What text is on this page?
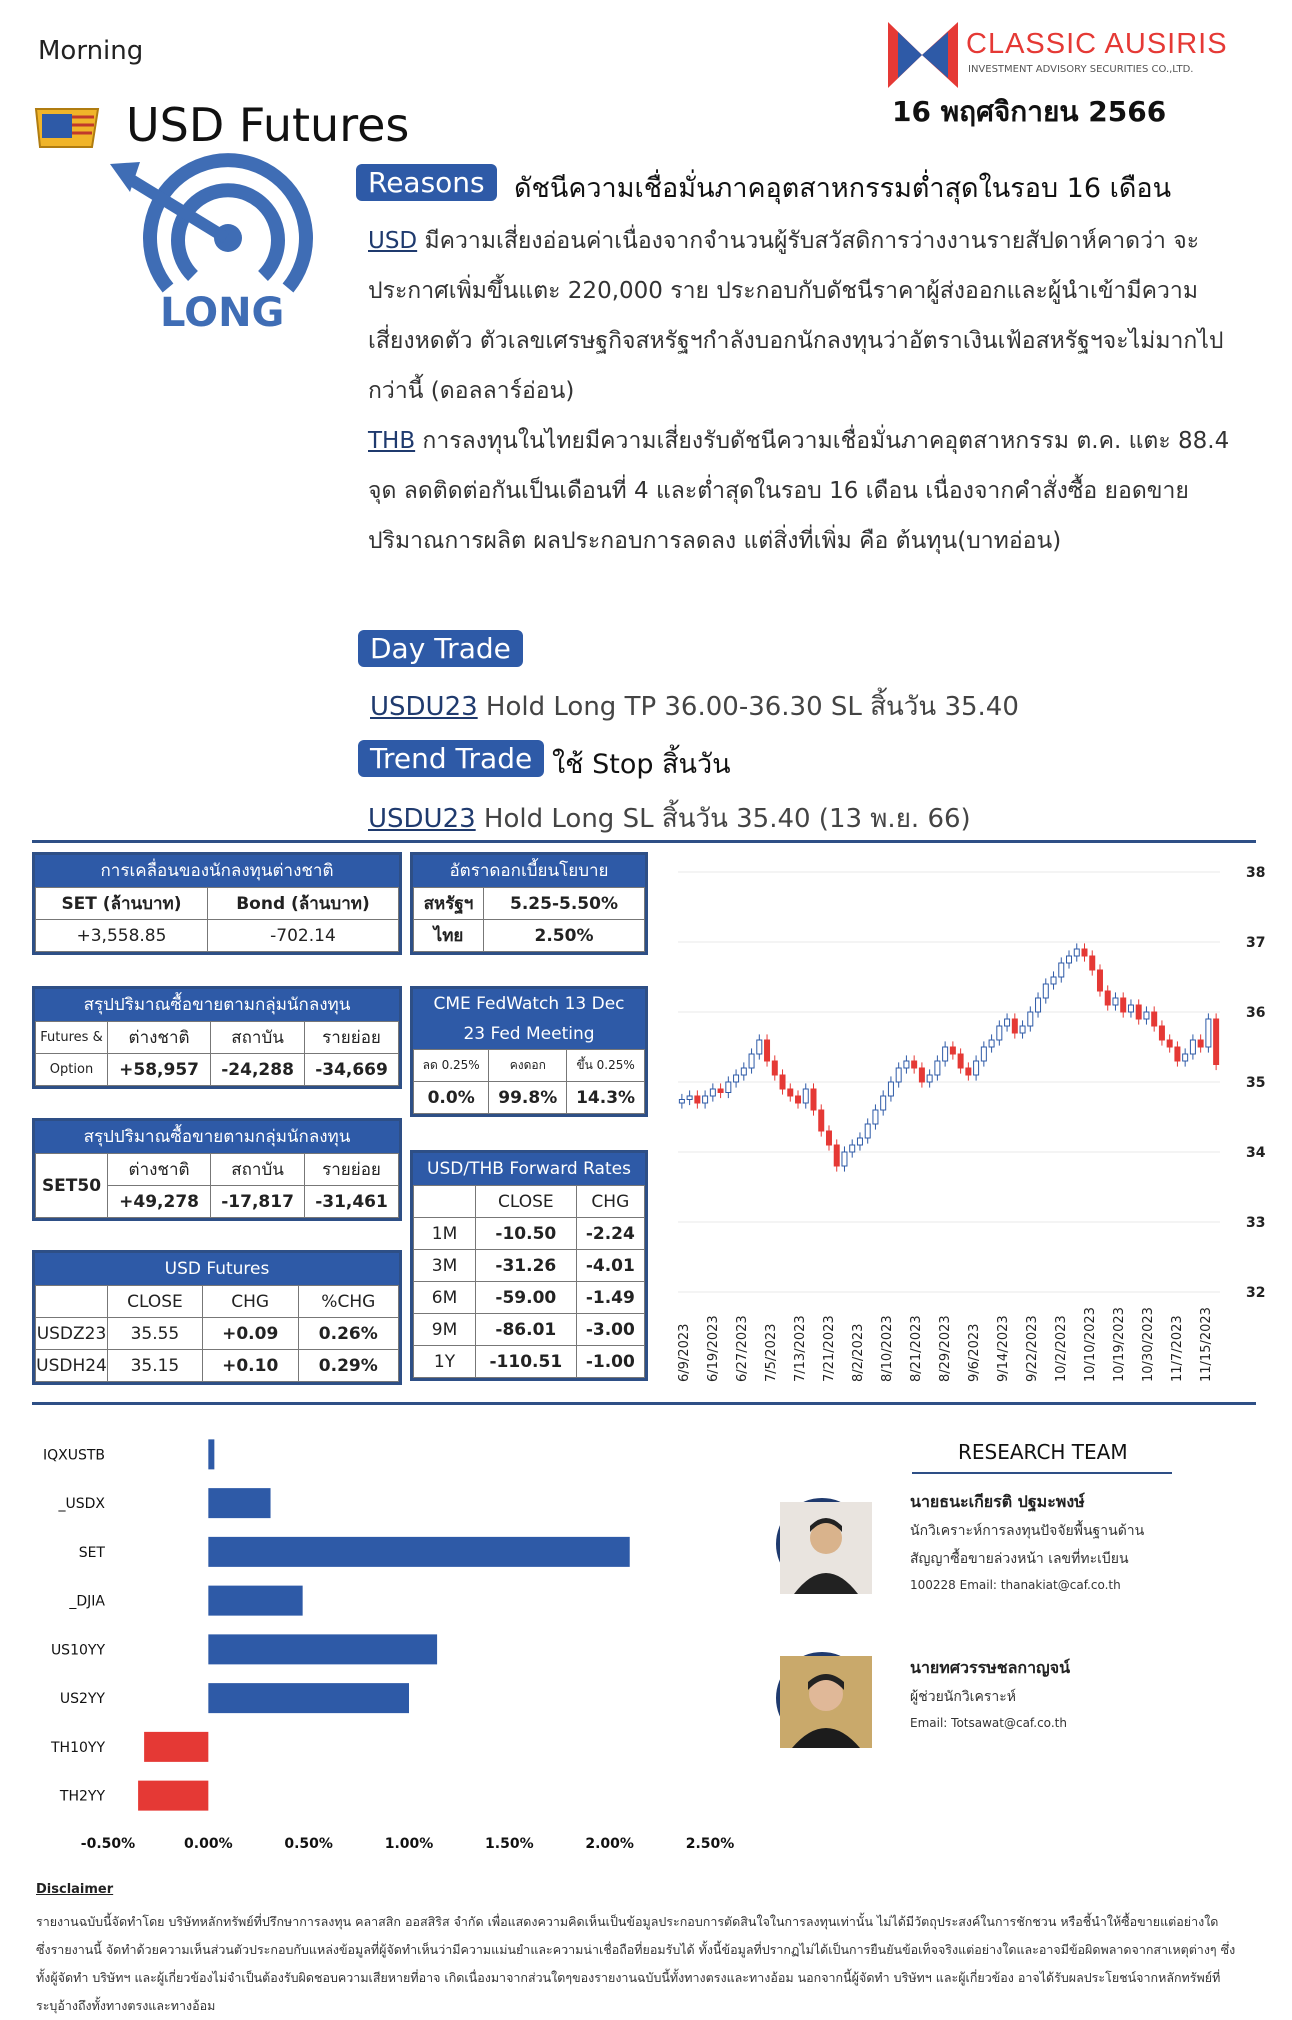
Morning
USD Futures
CLASSIC AUSIRIS
INVESTMENT ADVISORY SECURITIES CO.,LTD.
16 พฤศจิกายน 2566
LONG
Reasons	ดัชนีความเชื่อมั่นภาคอุตสาหกรรมต่ำสุดในรอบ 16 เดือน
USD มีความเสี่ยงอ่อนค่าเนื่องจากจำนวนผู้รับสวัสดิการว่างงานรายสัปดาห์คาดว่า จะประกาศเพิ่มขึ้นแตะ 220,000 ราย ประกอบกับดัชนีราคาผู้ส่งออกและผู้นำเข้ามีความเสี่ยงหดตัว ตัวเลขเศรษฐกิจสหรัฐฯกำลังบอกนักลงทุนว่าอัตราเงินเฟ้อสหรัฐฯจะไม่มากไปกว่านี้ (ดอลลาร์อ่อน)
THB การลงทุนในไทยมีความเสี่ยงรับดัชนีความเชื่อมั่นภาคอุตสาหกรรม ต.ค. แตะ 88.4 จุด ลดติดต่อกันเป็นเดือนที่ 4 และต่ำสุดในรอบ 16 เดือน เนื่องจากคำสั่งซื้อ ยอดขาย ปริมาณการผลิต ผลประกอบการลดลง แต่สิ่งที่เพิ่ม คือ ต้นทุน(บาทอ่อน)
Day Trade
USDU23 Hold Long TP 36.00-36.30 SL สิ้นวัน 35.40
Trend Trade ใช้ Stop สิ้นวัน
USDU23 Hold Long SL สิ้นวัน 35.40 (13 พ.ย. 66)
การเคลื่อนของนักลงทุนต่างชาติ
SET (ล้านบาท)	Bond (ล้านบาท)
+3,558.85	-702.14
อัตราดอกเบี้ยนโยบาย
สหรัฐฯ	5.25-5.50%
ไทย	2.50%
สรุปปริมาณซื้อขายตามกลุ่มนักลงทุน
Futures &	ต่างชาติ	สถาบัน	รายย่อย
Option	+58,957	-24,288	-34,669
CME FedWatch 13 Dec
23 Fed Meeting
ลด 0.25%	คงดอก	ขึ้น 0.25%
0.0%	99.8%	14.3%
สรุปปริมาณซื้อขายตามกลุ่มนักลงทุน
SET50	ต่างชาติ	สถาบัน	รายย่อย
	+49,278	-17,817	-31,461
USD/THB Forward Rates
	CLOSE	CHG
1M	-10.50	-2.24
3M	-31.26	-4.01
6M	-59.00	-1.49
9M	-86.01	-3.00
1Y	-110.51	-1.00
USD Futures
	CLOSE	CHG	%CHG
USDZ23	35.55	+0.09	0.26%
USDH24	35.15	+0.10	0.29%
38
37
36
35
34
33
32
6/9/2023 6/19/2023 6/27/2023 7/5/2023 7/13/2023 7/21/2023 8/2/2023 8/10/2023 8/21/2023 8/29/2023 9/6/2023 9/14/2023 9/22/2023 10/2/2023 10/10/2023 10/19/2023 10/30/2023 11/7/2023 11/15/2023
IQXUSTB
_USDX
SET
_DJIA
US10YY
US2YY
TH10YY
TH2YY
-0.50%	0.00%	0.50%	1.00%	1.50%	2.00%	2.50%
RESEARCH TEAM
นายธนะเกียรติ ปฐมะพงษ์
นักวิเคราะห์การลงทุนปัจจัยพื้นฐานด้าน
สัญญาซื้อขายล่วงหน้า เลขที่ทะเบียน
100228 Email: thanakiat@caf.co.th
นายทศวรรษชลกาญจน์
ผู้ช่วยนักวิเคราะห์
Email: Totsawat@caf.co.th
Disclaimer
รายงานฉบับนี้จัดทำโดย บริษัทหลักทรัพย์ที่ปรึกษาการลงทุน คลาสสิก ออสสิริส จำกัด เพื่อแสดงความคิดเห็นเป็นข้อมูลประกอบการตัดสินใจในการลงทุนเท่านั้น ไม่ได้มีวัตถุประสงค์ในการชักชวน หรือชี้นำให้ซื้อขายแต่อย่างใด ซึ่งรายงานนี้ จัดทำด้วยความเห็นส่วนตัวประกอบกับแหล่งข้อมูลที่ผู้จัดทำเห็นว่ามีความแม่นยำและความน่าเชื่อถือที่ยอมรับได้ ทั้งนี้ข้อมูลที่ปรากฏไม่ได้เป็นการยืนยันข้อเท็จจริงแต่อย่างใดและอาจมีข้อผิดพลาดจากสาเหตุต่างๆ ซึ่งทั้งผู้จัดทำ บริษัทฯ และผู้เกี่ยวข้องไม่จำเป็นต้องรับผิดชอบความเสียหายที่อาจ เกิดเนื่องมาจากส่วนใดๆของรายงานฉบับนี้ทั้งทางตรงและทางอ้อม นอกจากนี้ผู้จัดทำ บริษัทฯ และผู้เกี่ยวข้อง อาจได้รับผลประโยชน์จากหลักทรัพย์ที่ระบุอ้างถึงทั้งทางตรงและทางอ้อม
